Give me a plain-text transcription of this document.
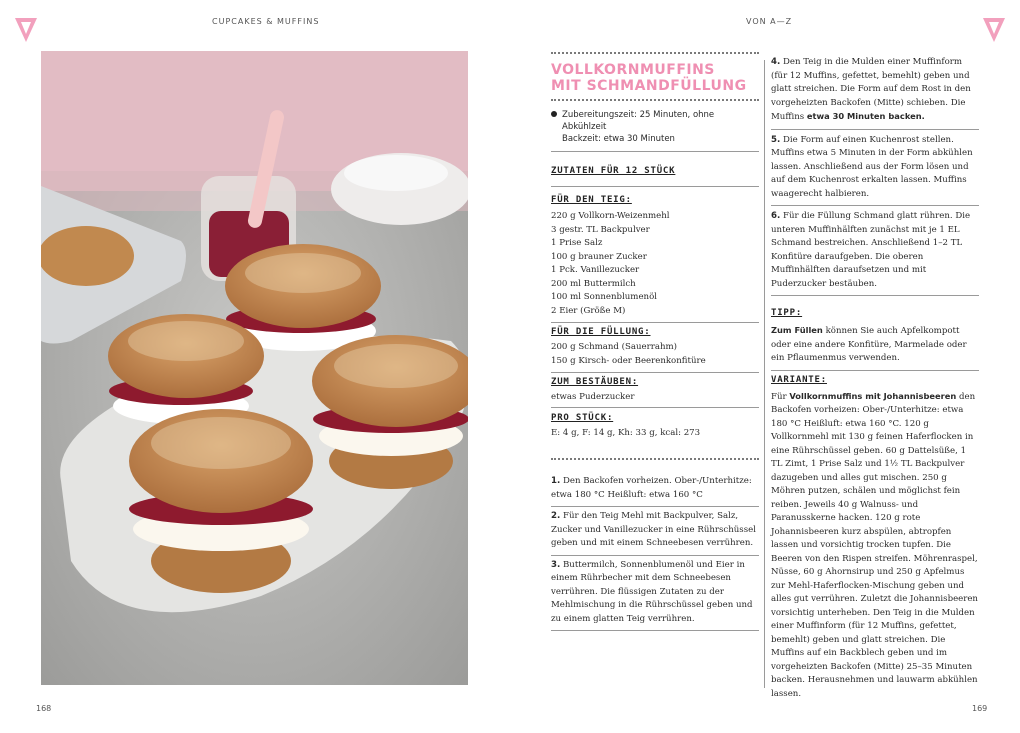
CUPCAKES & MUFFINS	VON A—Z
VOLLKORNMUFFINS
MIT SCHMANDFÜLLUNG
Zubereitungszeit: 25 Minuten, ohne Abkühlzeit
Backzeit: etwa 30 Minuten
ZUTATEN FÜR 12 STÜCK
FÜR DEN TEIG:
220 g Vollkorn-Weizenmehl
3 gestr. TL Backpulver
1 Prise Salz
100 g brauner Zucker
1 Pck. Vanillezucker
200 ml Buttermilch
100 ml Sonnenblumenöl
2 Eier (Größe M)
FÜR DIE FÜLLUNG:
200 g Schmand (Sauerrahm)
150 g Kirsch- oder Beerenkonfitüre
ZUM BESTÄUBEN:
etwas Puderzucker
PRO STÜCK:
E: 4 g, F: 14 g, Kh: 33 g, kcal: 273
1. Den Backofen vorheizen. Ober-/Unterhitze: etwa 180 °C Heißluft: etwa 160 °C
2. Für den Teig Mehl mit Backpulver, Salz, Zucker und Vanillezucker in eine Rührschüssel geben und mit einem Schneebesen verrühren.
3. Buttermilch, Sonnenblumenöl und Eier in einem Rührbecher mit dem Schneebesen verrühren. Die flüssigen Zutaten zu der Mehlmischung in die Rührschüssel geben und zu einem glatten Teig verrühren.
4. Den Teig in die Mulden einer Muffinform (für 12 Muffins, gefettet, bemehlt) geben und glatt streichen. Die Form auf dem Rost in den vorgeheizten Backofen (Mitte) schieben. Die Muffins etwa 30 Minuten backen.
5. Die Form auf einen Kuchenrost stellen. Muffins etwa 5 Minuten in der Form abkühlen lassen. Anschließend aus der Form lösen und auf dem Kuchenrost erkalten lassen. Muffins waagerecht halbieren.
6. Für die Füllung Schmand glatt rühren. Die unteren Muffinhälften zunächst mit je 1 EL Schmand bestreichen. Anschließend 1–2 TL Konfitüre daraufgeben. Die oberen Muffinhälften daraufsetzen und mit Puderzucker bestäuben.
TIPP:
Zum Füllen können Sie auch Apfelkompott oder eine andere Konfitüre, Marmelade oder ein Pflaumenmus verwenden.
VARIANTE:
Für Vollkornmuffins mit Johannisbeeren den Backofen vorheizen: Ober-/Unterhitze: etwa 180 °C Heißluft: etwa 160 °C. 120 g Vollkornmehl mit 130 g feinen Haferflocken in eine Rührschüssel geben. 60 g Dattelsüße, 1 TL Zimt, 1 Prise Salz und 1½ TL Backpulver dazugeben und alles gut mischen. 250 g Möhren putzen, schälen und möglichst fein reiben. Jeweils 40 g Walnuss- und Paranusskerne hacken. 120 g rote Johannisbeeren kurz abspülen, abtropfen lassen und vorsichtig trocken tupfen. Die Beeren von den Rispen streifen. Möhrenraspel, Nüsse, 60 g Ahornsirup und 250 g Apfelmus zur Mehl-Haferflocken-Mischung geben und alles gut verrühren. Zuletzt die Johannisbeeren vorsichtig unterheben. Den Teig in die Mulden einer Muffinform (für 12 Muffins, gefettet, bemehlt) geben und glatt streichen. Die Muffins auf ein Backblech geben und im vorgeheizten Backofen (Mitte) 25–35 Minuten backen. Herausnehmen und lauwarm abkühlen lassen.
168	169
